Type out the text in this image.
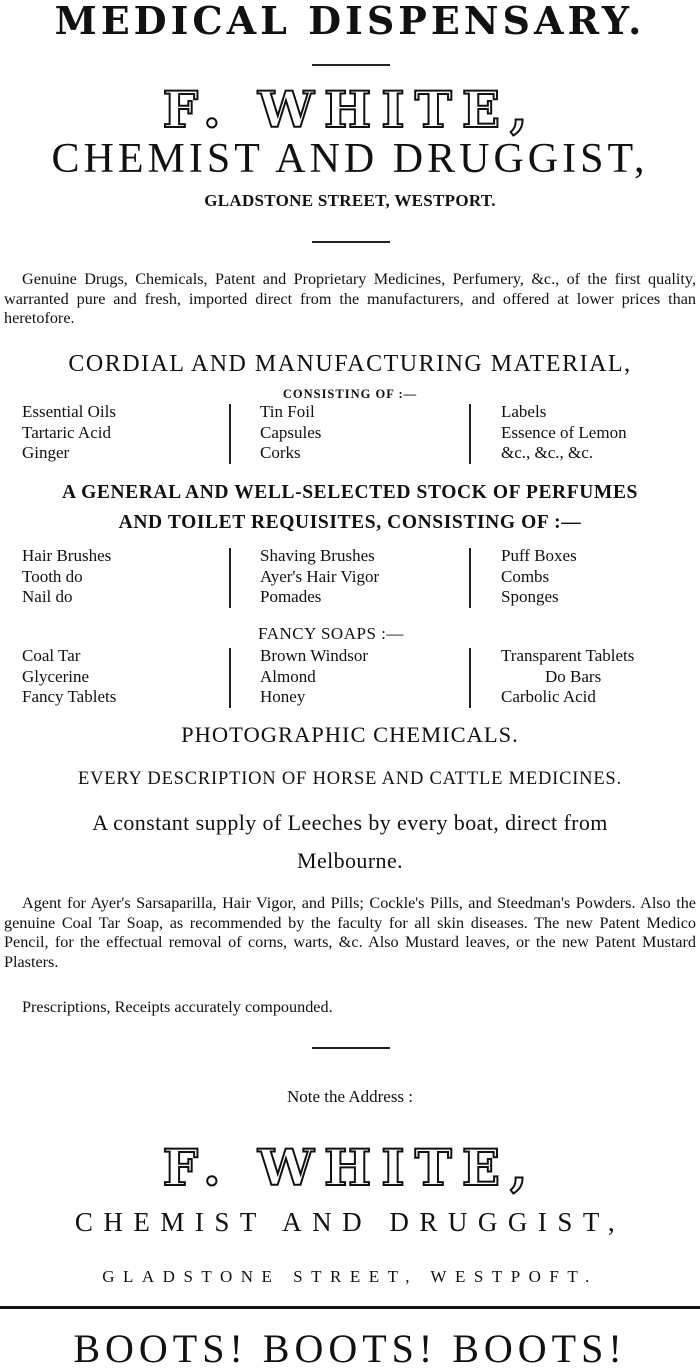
MEDICAL DISPENSARY.
F. WHITE,
CHEMIST AND DRUGGIST,
GLADSTONE STREET, WESTPORT.
Genuine Drugs, Chemicals, Patent and Proprietary Medicines, Perfumery, &c., of the first quality, warranted pure and fresh, imported direct from the manufacturers, and offered at lower prices than heretofore.
CORDIAL AND MANUFACTURING MATERIAL,
CONSISTING OF :—
Essential Oils
Tartaric Acid
Ginger
Tin Foil
Capsules
Corks
Labels
Essence of Lemon
&c., &c., &c.
A GENERAL AND WELL-SELECTED STOCK OF PERFUMES
AND TOILET REQUISITES, CONSISTING OF :—
Hair Brushes
Tooth do
Nail do
Shaving Brushes
Ayer's Hair Vigor
Pomades
Puff Boxes
Combs
Sponges
FANCY SOAPS :—
Coal Tar
Glycerine
Fancy Tablets
Brown Windsor
Almond
Honey
Transparent Tablets
Do Bars
Carbolic Acid
PHOTOGRAPHIC CHEMICALS.
EVERY DESCRIPTION OF HORSE AND CATTLE MEDICINES.
A constant supply of Leeches by every boat, direct from
Melbourne.
Agent for Ayer's Sarsaparilla, Hair Vigor, and Pills; Cockle's Pills, and Steedman's Powders. Also the genuine Coal Tar Soap, as recommended by the faculty for all skin diseases. The new Patent Medico Pencil, for the effectual removal of corns, warts, &c. Also Mustard leaves, or the new Patent Mustard Plasters.
Prescriptions, Receipts accurately compounded.
Note the Address :
F. WHITE,
CHEMIST AND DRUGGIST,
GLADSTONE STREET, WESTPOFT.
BOOTS! BOOTS! BOOTS!
